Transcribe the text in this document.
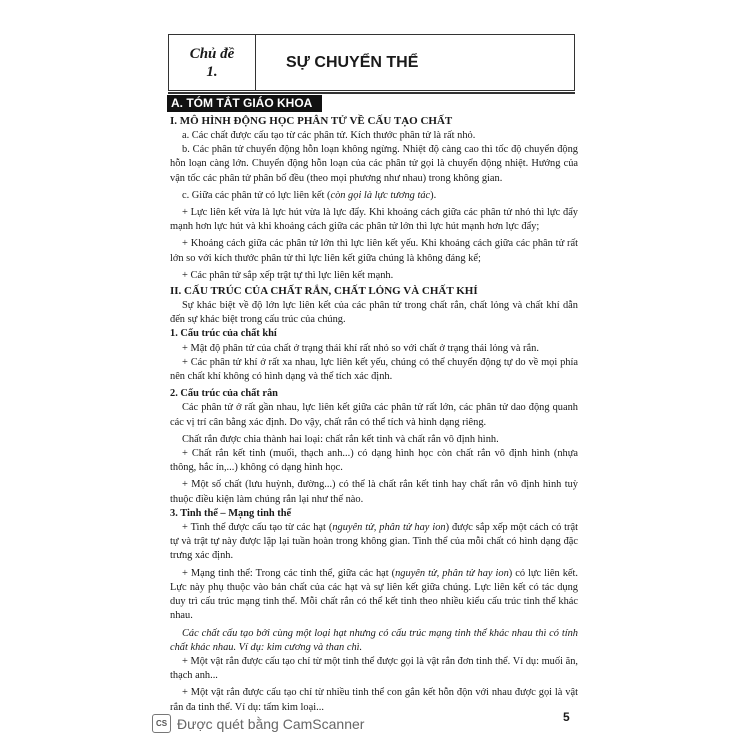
Chủ đề
1.
SỰ CHUYỂN THỂ
A. TÓM TẮT GIÁO KHOA

I. MÔ HÌNH ĐỘNG HỌC PHÂN TỬ VỀ CẤU TẠO CHẤT

a. Các chất được cấu tạo từ các phân tử. Kích thước phân tử là rất nhỏ.

b. Các phân tử chuyển động hỗn loạn không ngừng. Nhiệt độ càng cao thì tốc độ chuyển động hỗn loạn càng lớn. Chuyển động hỗn loạn của các phân tử gọi là chuyển động nhiệt. Hướng của vận tốc các phân tử phân bố đều (theo mọi phương như nhau) trong không gian.

c. Giữa các phân tử có lực liên kết (còn gọi là lực tương tác).

+ Lực liên kết vừa là lực hút vừa là lực đẩy. Khi khoảng cách giữa các phân tử nhỏ thì lực đẩy mạnh hơn lực hút và khi khoảng cách giữa các phân tử lớn thì lực hút mạnh hơn lực đẩy;

+ Khoảng cách giữa các phân tử lớn thì lực liên kết yếu. Khi khoảng cách giữa các phân tử rất lớn so với kích thước phân tử thì lực liên kết giữa chúng là không đáng kể;

+ Các phân tử sắp xếp trật tự thì lực liên kết mạnh.

II. CẤU TRÚC CỦA CHẤT RẮN, CHẤT LỎNG VÀ CHẤT KHÍ

Sự khác biệt về độ lớn lực liên kết của các phân tử trong chất rắn, chất lỏng và chất khí dẫn đến sự khác biệt trong cấu trúc của chúng.

1. Cấu trúc của chất khí

+ Mật độ phân tử của chất ở trạng thái khí rất nhỏ so với chất ở trạng thái lỏng và rắn.

+ Các phân tử khí ở rất xa nhau, lực liên kết yếu, chúng có thể chuyển động tự do về mọi phía nên chất khí không có hình dạng và thể tích xác định.

2. Cấu trúc của chất rắn

Các phân tử ở rất gần nhau, lực liên kết giữa các phân tử rất lớn, các phân tử dao động quanh các vị trí cân bằng xác định. Do vậy, chất rắn có thể tích và hình dạng riêng.

Chất rắn được chia thành hai loại: chất rắn kết tinh và chất rắn vô định hình.

+ Chất rắn kết tinh (muối, thạch anh...) có dạng hình học còn chất rắn vô định hình (nhựa thông, hắc ín,...) không có dạng hình học.

+ Một số chất (lưu huỳnh, đường...) có thể là chất rắn kết tinh hay chất rắn vô định hình tuỳ thuộc điều kiện làm chúng rắn lại như thế nào.

3. Tinh thể – Mạng tinh thể

+ Tinh thể được cấu tạo từ các hạt (nguyên tử, phân tử hay ion) được sắp xếp một cách có trật tự và trật tự này được lặp lại tuần hoàn trong không gian. Tinh thể của mỗi chất có hình dạng đặc trưng xác định.

+ Mạng tinh thể: Trong các tinh thể, giữa các hạt (nguyên tử, phân tử hay ion) có lực liên kết. Lực này phụ thuộc vào bản chất của các hạt và sự liên kết giữa chúng. Lực liên kết có tác dụng duy trì cấu trúc mạng tinh thể. Mỗi chất rắn có thể kết tinh theo nhiều kiểu cấu trúc tinh thể khác nhau.

Các chất cấu tạo bởi cùng một loại hạt nhưng có cấu trúc mạng tinh thể khác nhau thì có tính chất khác nhau. Ví dụ: kim cương và than chì.

+ Một vật rắn được cấu tạo chỉ từ một tinh thể được gọi là vật rắn đơn tinh thể. Ví dụ: muối ăn, thạch anh...

+ Một vật rắn được cấu tạo chỉ từ nhiều tinh thể con gắn kết hỗn độn với nhau được gọi là vật rắn đa tinh thể. Ví dụ: tấm kim loại...

CS Được quét bằng CamScanner	5
